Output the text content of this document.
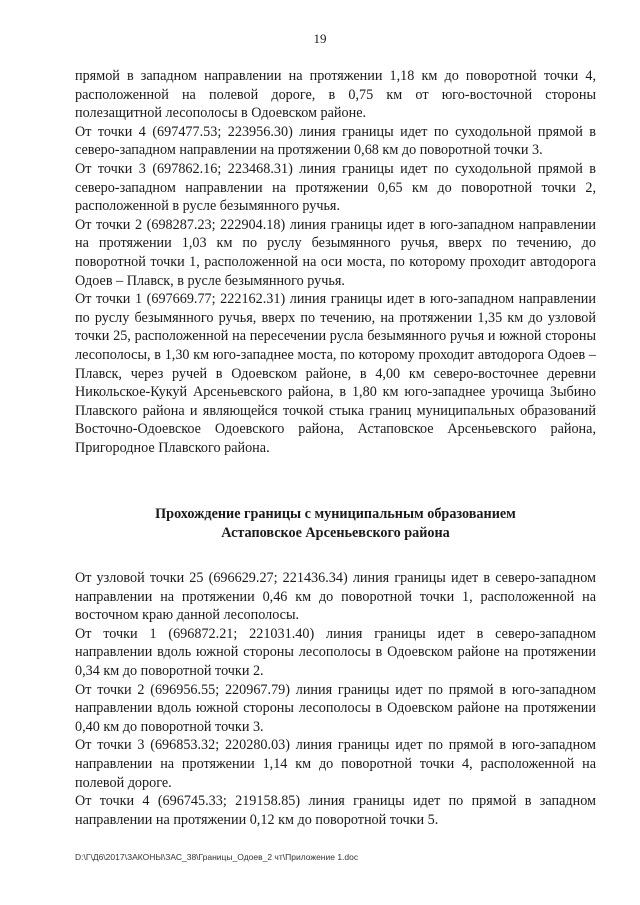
19

прямой в западном направлении на протяжении 1,18 км до поворотной точки 4, расположенной на полевой дороге, в 0,75 км от юго-восточной стороны полезащитной лесополосы в Одоевском районе.

От точки 4 (697477.53; 223956.30) линия границы идет по суходольной прямой в северо-западном направлении на протяжении 0,68 км до поворотной точки 3.

От точки 3 (697862.16; 223468.31) линия границы идет по суходольной прямой в северо-западном направлении на протяжении 0,65 км до поворотной точки 2, расположенной в русле безымянного ручья.

От точки 2 (698287.23; 222904.18) линия границы идет в юго-западном направлении на протяжении 1,03 км по руслу безымянного ручья, вверх по течению, до поворотной точки 1, расположенной на оси моста, по которому проходит автодорога Одоев – Плавск, в русле безымянного ручья.

От точки 1 (697669.77; 222162.31) линия границы идет в юго-западном направлении по руслу безымянного ручья, вверх по течению, на протяжении 1,35 км до узловой точки 25, расположенной на пересечении русла безымянного ручья и южной стороны лесополосы, в 1,30 км юго-западнее моста, по которому проходит автодорога Одоев – Плавск, через ручей в Одоевском районе, в 4,00 км северо-восточнее деревни Никольское-Кукуй Арсеньевского района, в 1,80 км юго-западнее урочища Зыбино Плавского района и являющейся точкой стыка границ муниципальных образований Восточно-Одоевское Одоевского района, Астаповское Арсеньевского района, Пригородное Плавского района.

Прохождение границы с муниципальным образованием
Астаповское Арсеньевского района

От узловой точки 25 (696629.27; 221436.34) линия границы идет в северо-западном направлении на протяжении 0,46 км до поворотной точки 1, расположенной на восточном краю данной лесополосы.

От точки 1 (696872.21; 221031.40) линия границы идет в северо-западном направлении вдоль южной стороны лесополосы в Одоевском районе на протяжении 0,34 км до поворотной точки 2.

От точки 2 (696956.55; 220967.79) линия границы идет по прямой в юго-западном направлении вдоль южной стороны лесополосы в Одоевском районе на протяжении 0,40 км до поворотной точки 3.

От точки 3 (696853.32; 220280.03) линия границы идет по прямой в юго-западном направлении на протяжении 1,14 км до поворотной точки 4, расположенной на полевой дороге.

От точки 4 (696745.33; 219158.85) линия границы идет по прямой в западном направлении на протяжении 0,12 км до поворотной точки 5.

D:\Г\Д6\2017\ЗАКОНЫ\ЗАС_38\Границы_Одоев_2 чт\Приложение 1.doc
